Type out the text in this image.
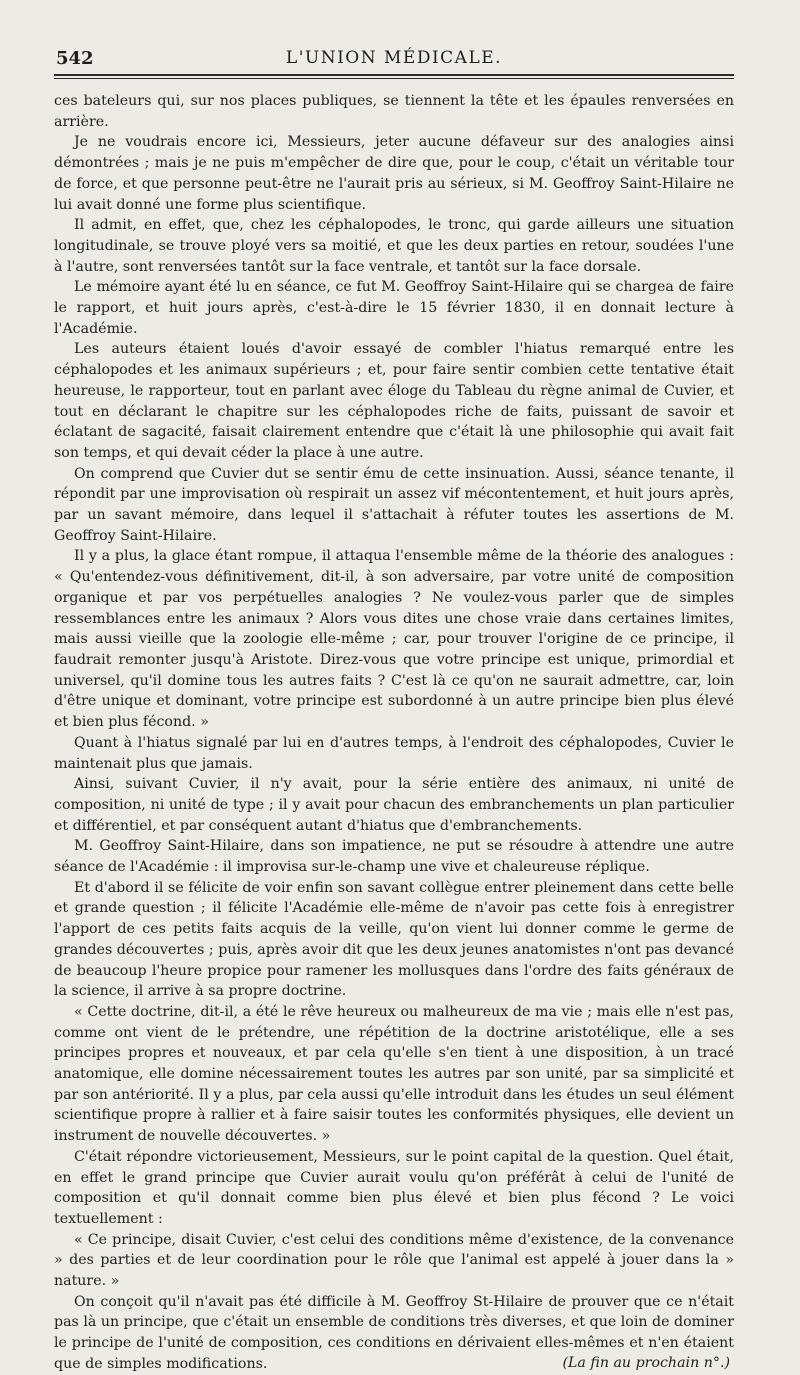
542	L'UNION MÉDICALE.

ces bateleurs qui, sur nos places publiques, se tiennent la tête et les épaules renversées en arrière.

Je ne voudrais encore ici, Messieurs, jeter aucune défaveur sur des analogies ainsi démontrées ; mais je ne puis m'empêcher de dire que, pour le coup, c'était un véritable tour de force, et que personne peut-être ne l'aurait pris au sérieux, si M. Geoffroy Saint-Hilaire ne lui avait donné une forme plus scientifique.

Il admit, en effet, que, chez les céphalopodes, le tronc, qui garde ailleurs une situation longitudinale, se trouve ployé vers sa moitié, et que les deux parties en retour, soudées l'une à l'autre, sont renversées tantôt sur la face ventrale, et tantôt sur la face dorsale.

Le mémoire ayant été lu en séance, ce fut M. Geoffroy Saint-Hilaire qui se chargea de faire le rapport, et huit jours après, c'est-à-dire le 15 février 1830, il en donnait lecture à l'Académie.

Les auteurs étaient loués d'avoir essayé de combler l'hiatus remarqué entre les céphalopodes et les animaux supérieurs ; et, pour faire sentir combien cette tentative était heureuse, le rapporteur, tout en parlant avec éloge du Tableau du règne animal de Cuvier, et tout en déclarant le chapitre sur les céphalopodes riche de faits, puissant de savoir et éclatant de sagacité, faisait clairement entendre que c'était là une philosophie qui avait fait son temps, et qui devait céder la place à une autre.

On comprend que Cuvier dut se sentir ému de cette insinuation. Aussi, séance tenante, il répondit par une improvisation où respirait un assez vif mécontentement, et huit jours après, par un savant mémoire, dans lequel il s'attachait à réfuter toutes les assertions de M. Geoffroy Saint-Hilaire.

Il y a plus, la glace étant rompue, il attaqua l'ensemble même de la théorie des analogues : « Qu'entendez-vous définitivement, dit-il, à son adversaire, par votre unité de composition organique et par vos perpétuelles analogies ? Ne voulez-vous parler que de simples ressemblances entre les animaux ? Alors vous dites une chose vraie dans certaines limites, mais aussi vieille que la zoologie elle-même ; car, pour trouver l'origine de ce principe, il faudrait remonter jusqu'à Aristote. Direz-vous que votre principe est unique, primordial et universel, qu'il domine tous les autres faits ? C'est là ce qu'on ne saurait admettre, car, loin d'être unique et dominant, votre principe est subordonné à un autre principe bien plus élevé et bien plus fécond. »

Quant à l'hiatus signalé par lui en d'autres temps, à l'endroit des céphalopodes, Cuvier le maintenait plus que jamais.

Ainsi, suivant Cuvier, il n'y avait, pour la série entière des animaux, ni unité de composition, ni unité de type ; il y avait pour chacun des embranchements un plan particulier et différentiel, et par conséquent autant d'hiatus que d'embranchements.

M. Geoffroy Saint-Hilaire, dans son impatience, ne put se résoudre à attendre une autre séance de l'Académie : il improvisa sur-le-champ une vive et chaleureuse réplique.

Et d'abord il se félicite de voir enfin son savant collègue entrer pleinement dans cette belle et grande question ; il félicite l'Académie elle-même de n'avoir pas cette fois à enregistrer l'apport de ces petits faits acquis de la veille, qu'on vient lui donner comme le germe de grandes découvertes ; puis, après avoir dit que les deux jeunes anatomistes n'ont pas devancé de beaucoup l'heure propice pour ramener les mollusques dans l'ordre des faits généraux de la science, il arrive à sa propre doctrine.

« Cette doctrine, dit-il, a été le rêve heureux ou malheureux de ma vie ; mais elle n'est pas, comme ont vient de le prétendre, une répétition de la doctrine aristotélique, elle a ses principes propres et nouveaux, et par cela qu'elle s'en tient à une disposition, à un tracé anatomique, elle domine nécessairement toutes les autres par son unité, par sa simplicité et par son antériorité. Il y a plus, par cela aussi qu'elle introduit dans les études un seul élément scientifique propre à rallier et à faire saisir toutes les conformités physiques, elle devient un instrument de nouvelle découvertes. »

C'était répondre victorieusement, Messieurs, sur le point capital de la question. Quel était, en effet le grand principe que Cuvier aurait voulu qu'on préférât à celui de l'unité de composition et qu'il donnait comme bien plus élevé et bien plus fécond ? Le voici textuellement :

« Ce principe, disait Cuvier, c'est celui des conditions même d'existence, de la convenance » des parties et de leur coordination pour le rôle que l'animal est appelé à jouer dans la » nature. »

On conçoit qu'il n'avait pas été difficile à M. Geoffroy St-Hilaire de prouver que ce n'était pas là un principe, que c'était un ensemble de conditions très diverses, et que loin de dominer le principe de l'unité de composition, ces conditions en dérivaient elles-mêmes et n'en étaient que de simples modifications.	(La fin au prochain n°.)
